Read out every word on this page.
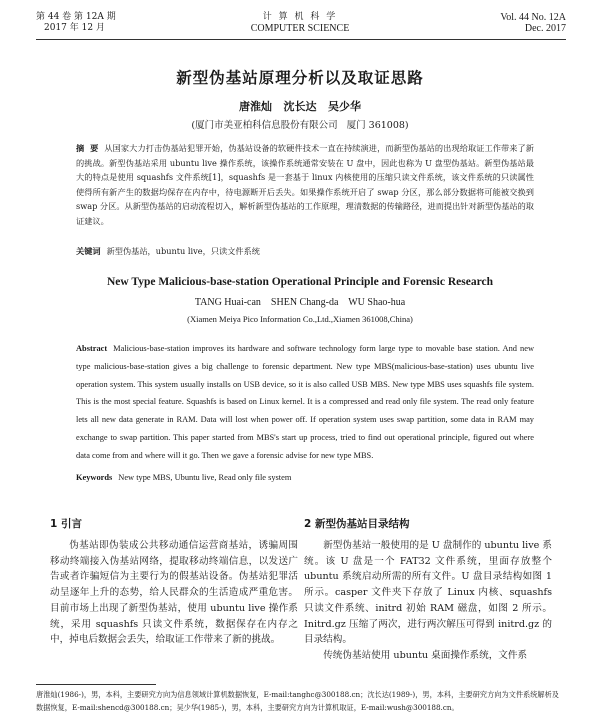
第 44 卷 第 12A 期
2017 年 12 月
计 算 机 科 学
COMPUTER SCIENCE
Vol. 44 No. 12A
Dec. 2017
新型伪基站原理分析以及取证思路
唐淮灿   沈长达   吴少华
(厦门市美亚柏科信息股份有限公司   厦门 361008)
摘  要 从国家大力打击伪基站犯罪开始，伪基站设备的软硬件技术一直在持续演进，而新型伪基站的出现给取证工作带来了新的挑战。新型伪基站采用 ubuntu live 操作系统，该操作系统通常安装在 U 盘中，因此也称为 U 盘型伪基站。新型伪基站最大的特点是使用 squashfs 文件系统[1]，squashfs 是一套基于 linux 内核使用的压缩只读文件系统，该文件系统的只读属性使得所有新产生的数据均保存在内存中，待电源断开后丢失。如果操作系统开启了 swap 分区，那么部分数据将可能被交换到 swap 分区。从新型伪基站的启动流程切入，解析新型伪基站的工作原理，理清数据的传输路径，进而提出针对新型伪基站的取证建议。
关键词 新型伪基站，ubuntu live，只读文件系统
New Type Malicious-base-station Operational Principle and Forensic Research
TANG Huai-can    SHEN Chang-da    WU Shao-hua
(Xiamen Meiya Pico Information Co.,Ltd.,Xiamen 361008,China)
Abstract Malicious-base-station improves its hardware and software technology form large type to movable base station. And new type malicious-base-station gives a big challenge to forensic department. New type MBS(malicious-base-station) uses ubuntu live operation system. This system usually installs on USB device, so it is also called USB MBS. New type MBS uses squashfs file system. This is the most special feature. Squashfs is based on Linux kernel. It is a compressed and read only file system. The read only feature lets all new data generate in RAM. Data will lost when power off. If operation system uses swap partition, some data in RAM may exchange to swap partition. This paper started from MBS's start up process, tried to find out operational principle, figured out where data come from and where will it go. Then we gave a forensic advise for new type MBS.
Keywords New type MBS, Ubuntu live, Read only file system
1 引言

伪基站即伪装成公共移动通信运营商基站，诱骗周围移动终端接入伪基站网络，提取移动终端信息，以发送广告或者诈骗短信为主要行为的假基站设备。伪基站犯罪活动呈逐年上升的态势，给人民群众的生活造成严重危害。目前市场上出现了新型伪基站，使用 ubuntu live 操作系统，采用 squashfs 只读文件系统，数据保存在内存之中，掉电后数据会丢失，给取证工作带来了新的挑战。

2 新型伪基站目录结构

新型伪基站一般使用的是 U 盘制作的 ubuntu live 系统。该 U 盘是一个 FAT32 文件系统，里面存放整个 ubuntu 系统启动所需的所有文件。U 盘目录结构如图 1 所示。casper 文件夹下存放了 Linux 内核、squashfs 只读文件系统、initrd 初始 RAM 磁盘，如图 2 所示。Initrd.gz 压缩了两次，进行两次解压可得到 initrd.gz 的目录结构。

传统伪基站使用 ubuntu 桌面操作系统，文件系

唐淮灿(1986-)，男，本科，主要研究方向为信息领域计算机数据恢复，E-mail:tanghc@300188.cn；沈长达(1989-)，男，本科，主要研究方向为文件系统解析及数据恢复，E-mail:shencd@300188.cn；吴少华(1985-)，男，本科，主要研究方向为计算机取证，E-mail:wush@300188.cn。
